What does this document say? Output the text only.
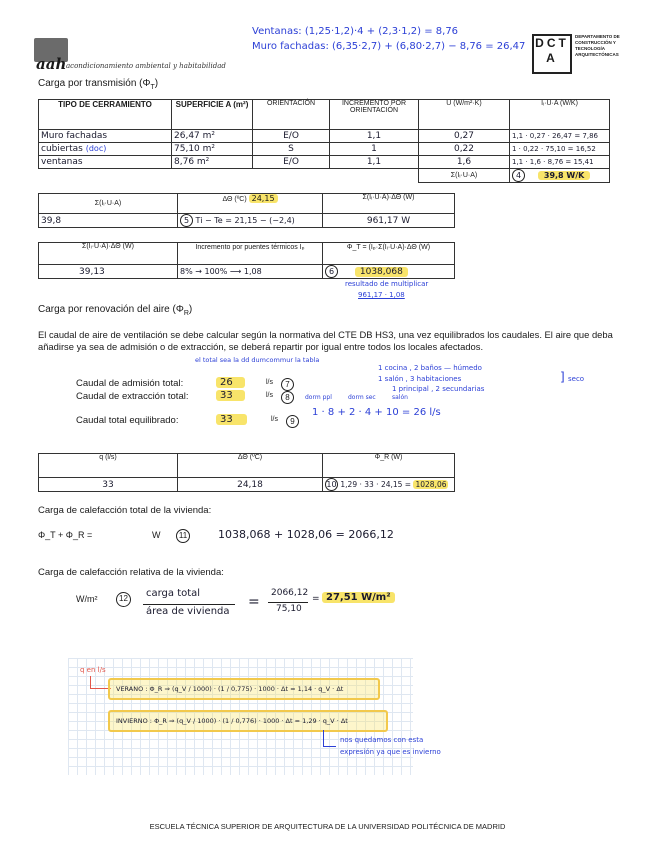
aah acondicionamiento ambiental y habitabilidad
DCTA
DEPARTAMENTO DE CONSTRUCCIÓN Y TECNOLOGÍA ARQUITECTÓNICAS
Ventanas: (1,25·1,2)·4 + (2,3·1,2) = 8,76
Muro fachadas: (6,35·2,7) + (6,80·2,7) − 8,76 = 26,47
Carga por transmisión $(\Phi_T)$
TIPO DE CERRAMIENTO	SUPERFICIE A (m²)	ORIENTACIÓN	INCREMENTO POR ORIENTACIÓN	U (W/m²·K)	Iᵢ·U·A (W/K)
Muro fachadas	26,47 m²	E/O	1,1	0,27	1,1 · 0,27 · 26,47 = 7,86
cubiertas (doc)	75,10 m²	S	1	0,22	1 · 0,22 · 75,10 = 16,52
ventanas	8,76 m²	E/O	1,1	1,6	1,1 · 1,6 · 8,76 = 15,41
				Σ(Iᵢ·U·A)	4 39,8 W/K
Σ(Iᵢ·U·A)	ΔΘ (ºC) 24,15	Σ(Iᵢ·U·A)·ΔΘ (W)
39,8	5 Ti − Te = 21,15 − (−2,4)	961,17 W
Σ(Iᵢ·U·A)·ΔΘ (W)	Incremento por puentes térmicos Iₚ	Φ_T = (Iₚ·Σ(Iᵢ·U·A)·ΔΘ (W)
39,13	8% → 100% ⟶ 1,08	6 1038,068
resultado de multiplicar
961,17 · 1,08
Carga por renovación del aire $(\Phi_R)$
El caudal de aire de ventilación se debe calcular según la normativa del CTE DB HS3, una vez equilibrados los caudales. El aire que deba añadirse ya sea de admisión o de extracción, se deberá repartir por igual entre todos los locales afectados.
el total sea la dd dumcommur la tabla
1 cocina , 2 baños — húmedo
1 salón , 3 habitaciones
1 principal , 2 secundarias
seco
]
dorm ppl	dorm sec	salón
1 · 8 + 2 · 4 + 10 = 26 l/s
Caudal de admisión total:	26	l/s	7
Caudal de extracción total:	33	l/s	8
Caudal total equilibrado:	33	l/s	9
q (l/s)	ΔΘ (ºC)	Φ_R (W)
33	24,18	10 1,29 · 33 · 24,15 = 1028,06
Carga de calefacción total de la vivienda:
Φ_T + Φ_R =	W	11	1038,068 + 1028,06 = 2066,12
Carga de calefacción relativa de la vivienda:
W/m²	12	carga total
área de vivienda
=
2066,12
75,10
= 27,51 W/m²
q en l/s
VERANO : Φ_R ⇒ (q_V / 1000) · (1 / 0,775) · 1000 · Δt = 1,14 · q_V · Δt
INVIERNO : Φ_R ⇒ (q_V / 1000) · (1 / 0,776) · 1000 · Δt = 1,29 · q_V · Δt
nos quedamos con esta
expresión ya que es invierno
ESCUELA TÉCNICA SUPERIOR DE ARQUITECTURA DE LA UNIVERSIDAD POLITÉCNICA DE MADRID
